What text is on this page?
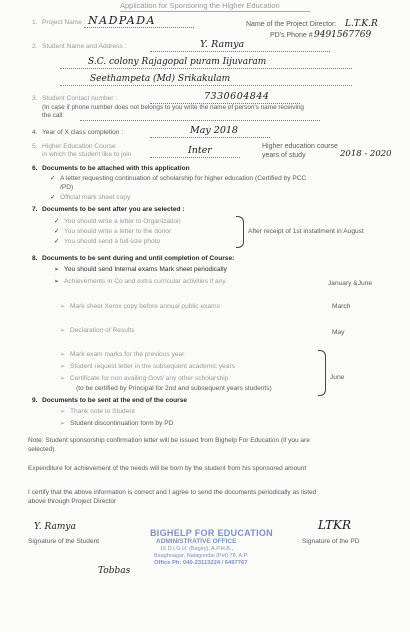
Application for Sponsoring the Higher Education
1. Project Name : NADPADA	Name of the Project Director: L.T.K.R
PD's Phone # 9491567769
2. Student Name and Address :	Y. Ramya
S.C. colony Rajagopal puram Iijuvaram
Seethampeta (Md) Srikakulam
3. Student Contact number :	7330604844
(In case if phone number does not belongs to you write the name of person's name receiving
the call:
4. Year of X class completion :	May 2018
5. Higher Education Course
in which the student like to join	Inter	Higher education course
years of study	2018 - 2020
6. Documents to be attached with this application
✓ A letter requesting continuation of scholarship for higher education (Certified by PCC
/PD)
✓ Official mark sheet copy
7. Documents to be sent after you are selected :
✓ You should write a letter to Organization
✓ You should write a letter to the donor
✓ You should send a full size photo
After receipt of 1st installment in August
8. Documents to be sent during and until completion of Course:
➢ You should send Internal exams Mark sheet periodically
➢ Achievements in Co and extra curricular activities if any	January &June
➢ Mark sheet Xerox copy before annual public exams	March
➢ Declaration of Results	May
➢ Mark exam marks for the previous year
➢ Student request letter in the subsequent academic years
➢ Certificate for non availing Govt/ any other scholarship
(to be certified by Principal for 2nd and subsequent years students)
June
9. Documents to be sent at the end of the course
➢ Thank note to Student
➢ Student discontinuation form by PD
Note: Student sponsorship confirmation letter will be issued from Bighelp For Education (if you are
selected)
Expenditure for achievement of the needs will be born by the student from his sponsored amount
I certify that the above information is correct and I agree to send the documents periodically as listed
above through Project Director
Y. Ramya
Signature of the Student
LTKR
Signature of the PD
Tobbas
BIGHELP FOR EDUCATION
ADMINISTRATIVE OFFICE
16 D.I.G.H. (Bagiry), A.P.H.B.,
Baaghnagar, Nalagondai (Pet) 78, A.P.
Office Ph: 040-23113224 / 6497767
